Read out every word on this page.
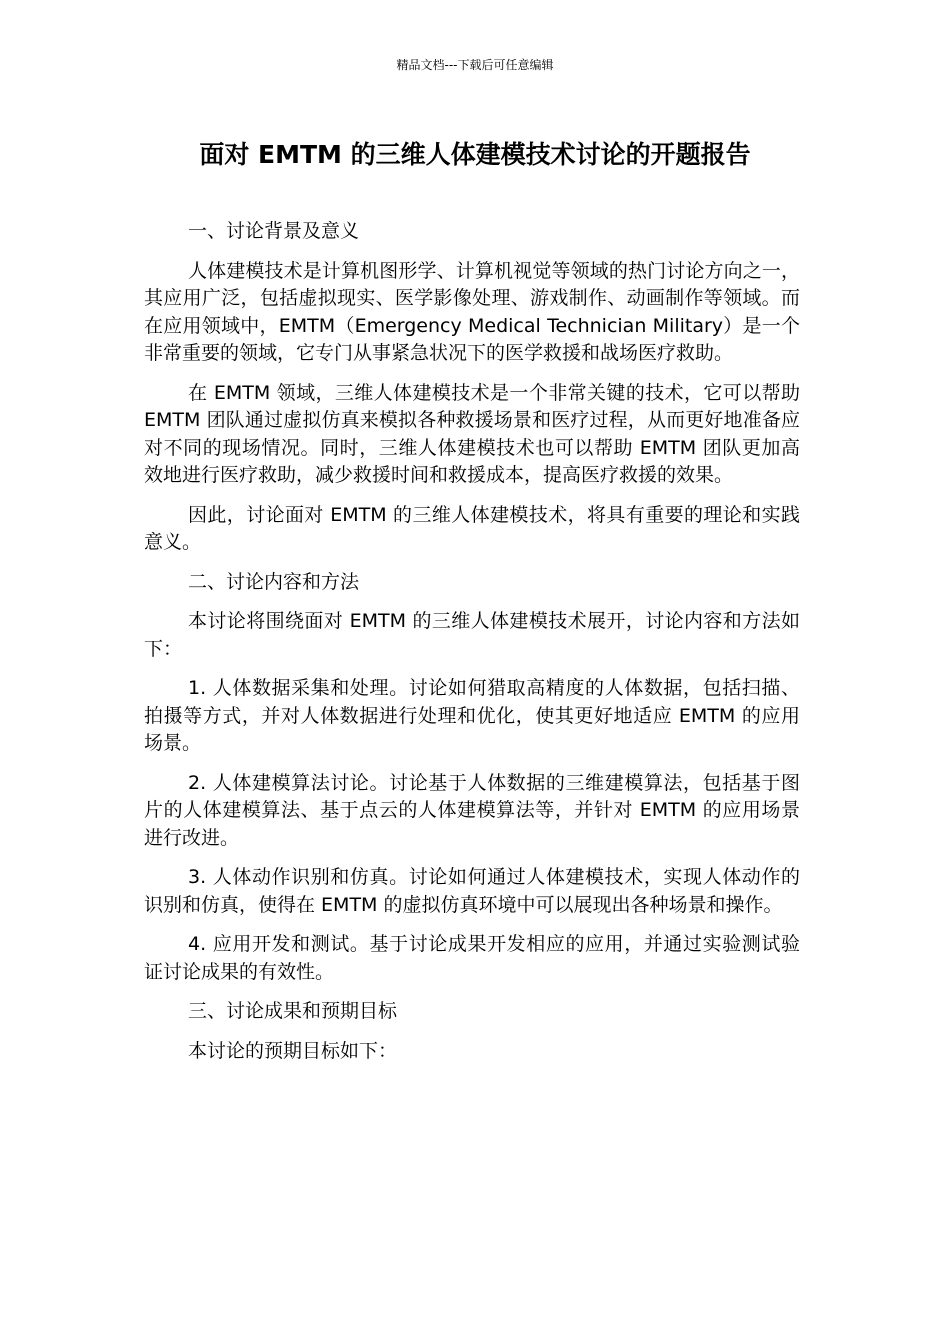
精品文档---下载后可任意编辑
面对 EMTM 的三维人体建模技术讨论的开题报告

一、讨论背景及意义

人体建模技术是计算机图形学、计算机视觉等领域的热门讨论方向之一，其应用广泛，包括虚拟现实、医学影像处理、游戏制作、动画制作等领域。而在应用领域中，EMTM（Emergency Medical Technician Military）是一个非常重要的领域，它专门从事紧急状况下的医学救援和战场医疗救助。

在 EMTM 领域，三维人体建模技术是一个非常关键的技术，它可以帮助 EMTM 团队通过虚拟仿真来模拟各种救援场景和医疗过程，从而更好地准备应对不同的现场情况。同时，三维人体建模技术也可以帮助 EMTM 团队更加高效地进行医疗救助，减少救援时间和救援成本，提高医疗救援的效果。

因此，讨论面对 EMTM 的三维人体建模技术，将具有重要的理论和实践意义。

二、讨论内容和方法

本讨论将围绕面对 EMTM 的三维人体建模技术展开，讨论内容和方法如下：

1. 人体数据采集和处理。讨论如何猎取高精度的人体数据，包括扫描、拍摄等方式，并对人体数据进行处理和优化，使其更好地适应 EMTM 的应用场景。

2. 人体建模算法讨论。讨论基于人体数据的三维建模算法，包括基于图片的人体建模算法、基于点云的人体建模算法等，并针对 EMTM 的应用场景进行改进。

3. 人体动作识别和仿真。讨论如何通过人体建模技术，实现人体动作的识别和仿真，使得在 EMTM 的虚拟仿真环境中可以展现出各种场景和操作。

4. 应用开发和测试。基于讨论成果开发相应的应用，并通过实验测试验证讨论成果的有效性。

三、讨论成果和预期目标

本讨论的预期目标如下：
